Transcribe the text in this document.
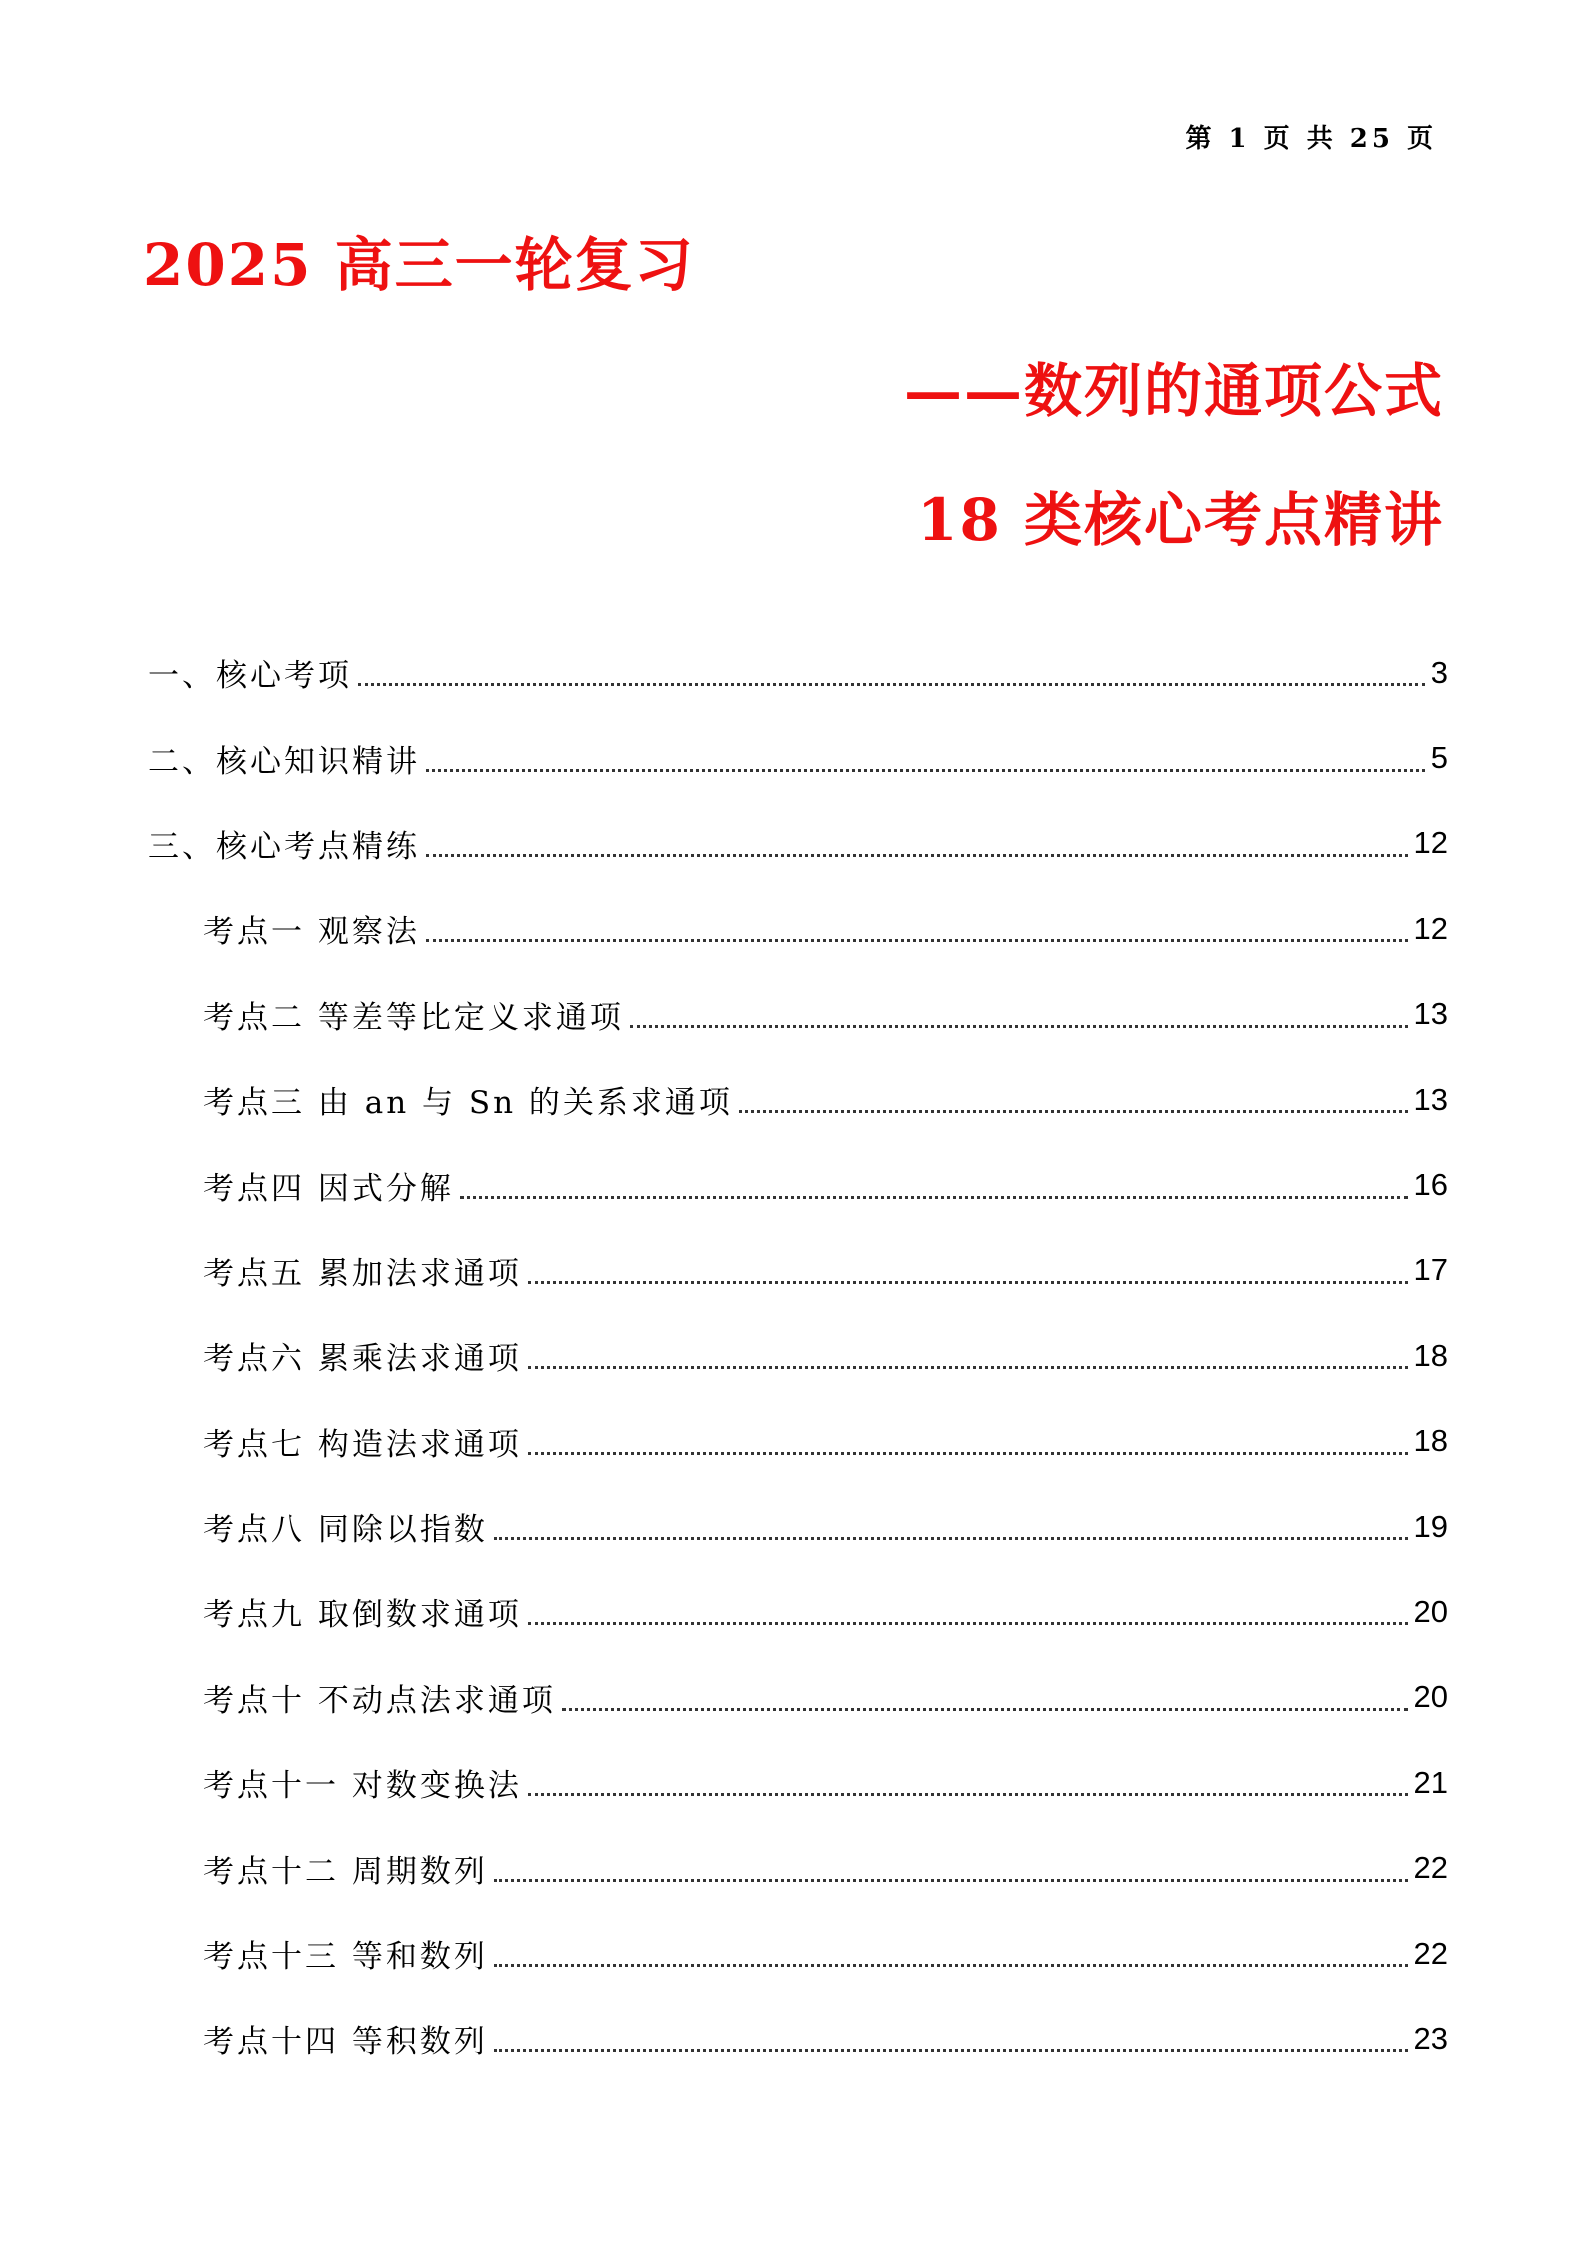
第 1 页 共 25 页
2025 高三一轮复习
——数列的通项公式
18 类核心考点精讲
一、核心考项	3
二、核心知识精讲	5
三、核心考点精练	12
考点一 观察法	12
考点二 等差等比定义求通项	13
考点三 由 an 与 Sn 的关系求通项	13
考点四 因式分解	16
考点五 累加法求通项	17
考点六 累乘法求通项	18
考点七 构造法求通项	18
考点八 同除以指数	19
考点九 取倒数求通项	20
考点十 不动点法求通项	20
考点十一 对数变换法	21
考点十二 周期数列	22
考点十三 等和数列	22
考点十四 等积数列	23
